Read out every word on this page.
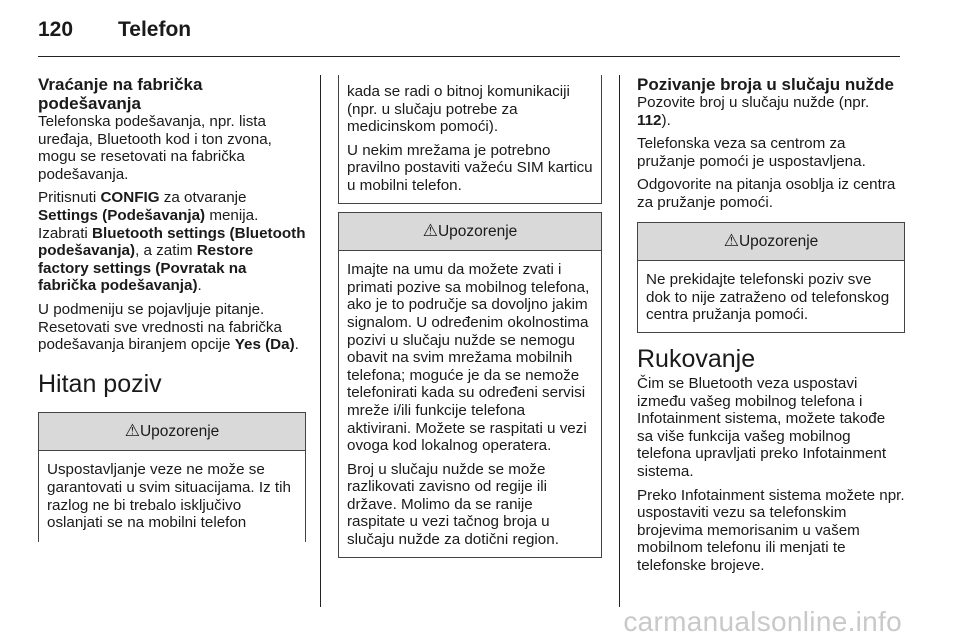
120 Telefon
Vraćanje na fabrička podešavanja

Telefonska podešavanja, npr. lista uređaja, Bluetooth kod i ton zvona, mogu se resetovati na fabrička podešavanja.

Pritisnuti CONFIG za otvaranje Settings (Podešavanja) menija. Izabrati Bluetooth settings (Bluetooth podešavanja), a zatim Restore factory settings (Povratak na fabrička podešavanja).

U podmeniju se pojavljuje pitanje. Resetovati sve vrednosti na fabrička podešavanja biranjem opcije Yes (Da).

Hitan poziv
⚠Upozorenje

Uspostavljanje veze ne može se garantovati u svim situacijama. Iz tih razlog ne bi trebalo isključivo oslanjati se na mobilni telefon

kada se radi o bitnoj komunikaciji (npr. u slučaju potrebe za medicinskom pomoći).

U nekim mrežama je potrebno pravilno postaviti važeću SIM karticu u mobilni telefon.

⚠Upozorenje

Imajte na umu da možete zvati i primati pozive sa mobilnog telefona, ako je to područje sa dovoljno jakim signalom. U određenim okolnostima pozivi u slučaju nužde se nemogu obavit na svim mrežama mobilnih telefona; moguće je da se nemože telefonirati kada su određeni servisi mreže i/ili funkcije telefona aktivirani. Možete se raspitati u vezi ovoga kod lokalnog operatera.

Broj u slučaju nužde se može razlikovati zavisno od regije ili države. Molimo da se ranije raspitate u vezi tačnog broja u slučaju nužde za dotični region.

Pozivanje broja u slučaju nužde

Pozovite broj u slučaju nužde (npr. 112).

Telefonska veza sa centrom za pružanje pomoći je uspostavljena.

Odgovorite na pitanja osoblja iz centra za pružanje pomoći.

⚠Upozorenje

Ne prekidajte telefonski poziv sve dok to nije zatraženo od telefonskog centra pružanja pomoći.

Rukovanje

Čim se Bluetooth veza uspostavi između vašeg mobilnog telefona i Infotainment sistema, možete takođe sa više funkcija vašeg mobilnog telefona upravljati preko Infotainment sistema.

Preko Infotainment sistema možete npr. uspostaviti vezu sa telefonskim brojevima memorisanim u vašem mobilnom telefonu ili menjati te telefonske brojeve.

carmanualsonline.info
